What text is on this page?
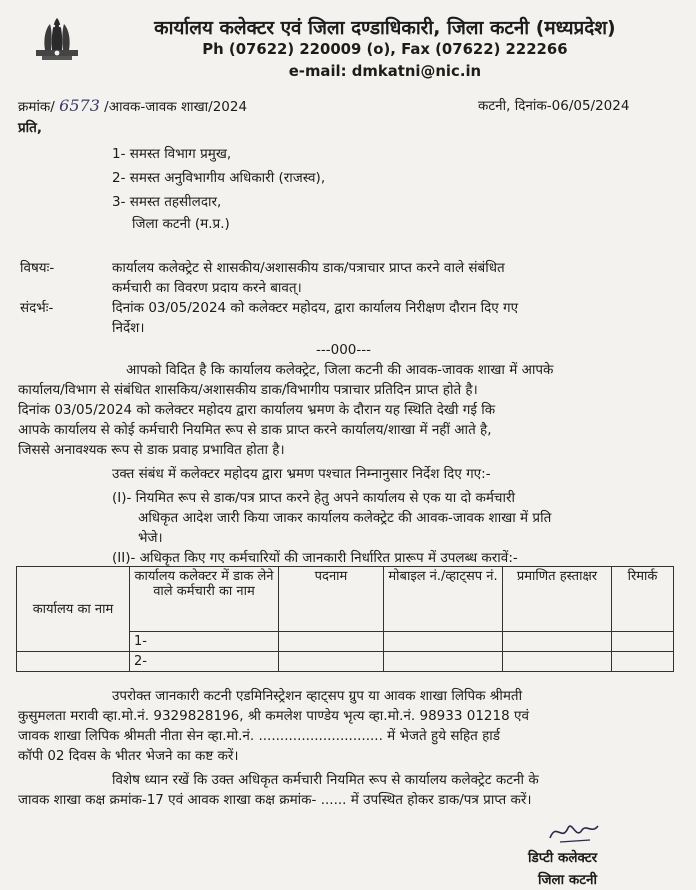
कार्यालय कलेक्टर एवं जिला दण्डाधिकारी, जिला कटनी (मध्यप्रदेश)
Ph (07622) 220009 (o), Fax (07622) 222266
e-mail: dmkatni@nic.in
क्रमांक/ 6573 /आवक-जावक शाखा/2024	कटनी, दिनांक-06/05/2024
प्रति,
1- समस्त विभाग प्रमुख,
2- समस्त अनुविभागीय अधिकारी (राजस्व),
3- समस्त तहसीलदार,
जिला कटनी (म.प्र.)
विषयः-	कार्यालय कलेक्ट्रेट से शासकीय/अशासकीय डाक/पत्राचार प्राप्त करने वाले संबंधित
कर्मचारी का विवरण प्रदाय करने बावत्।
संदर्भः-	दिनांक 03/05/2024 को कलेक्टर महोदय, द्वारा कार्यालय निरीक्षण दौरान दिए गए
निर्देश।
---000---
आपको विदित है कि कार्यालय कलेक्ट्रेट, जिला कटनी की आवक-जावक शाखा में आपके
कार्यालय/विभाग से संबंधित शासकिय/अशासकीय डाक/विभागीय पत्राचार प्रतिदिन प्राप्त होते है।
दिनांक 03/05/2024 को कलेक्टर महोदय द्वारा कार्यालय भ्रमण के दौरान यह स्थिति देखी गई कि
आपके कार्यालय से कोई कर्मचारी नियमित रूप से डाक प्राप्त करने कार्यालय/शाखा में नहीं आते है,
जिससे अनावश्यक रूप से डाक प्रवाह प्रभावित होता है।
उक्त संबंध में कलेक्टर महोदय द्वारा भ्रमण पश्चात निम्नानुसार निर्देश दिए गए:-
(I)- नियमित रूप से डाक/पत्र प्राप्त करने हेतु अपने कार्यालय से एक या दो कर्मचारी
अधिकृत आदेश जारी किया जाकर कार्यालय कलेक्ट्रेट की आवक-जावक शाखा में प्रति
भेजे।
(II)- अधिकृत किए गए कर्मचारियों की जानकारी निर्धारित प्रारूप में उपलब्ध करावें:-
कार्यालय का नाम	कार्यालय कलेक्टर में डाक लेने वाले कर्मचारी का नाम	पदनाम	मोबाइल नं./व्हाट्सप नं.	प्रमाणित हस्ताक्षर	रिमार्क
	1-				
	2-				
उपरोक्त जानकारी कटनी एडमिनिस्ट्रेशन व्हाट्सप ग्रुप या आवक शाखा लिपिक श्रीमती
कुसुमलता मरावी व्हा.मो.नं. 9329828196, श्री कमलेश पाण्डेय भृत्य व्हा.मो.नं. 98933 01218 एवं
जावक शाखा लिपिक श्रीमती नीता सेन व्हा.मो.नं. ............................. में भेजते हुये सहित हार्ड
कॉपी 02 दिवस के भीतर भेजने का कष्ट करें।
विशेष ध्यान रखें कि उक्त अधिकृत कर्मचारी नियमित रूप से कार्यालय कलेक्ट्रेट कटनी के
जावक शाखा कक्ष क्रमांक-17 एवं आवक शाखा कक्ष क्रमांक- ...... में उपस्थित होकर डाक/पत्र प्राप्त करें।
डिप्टी कलेक्टर
जिला कटनी
